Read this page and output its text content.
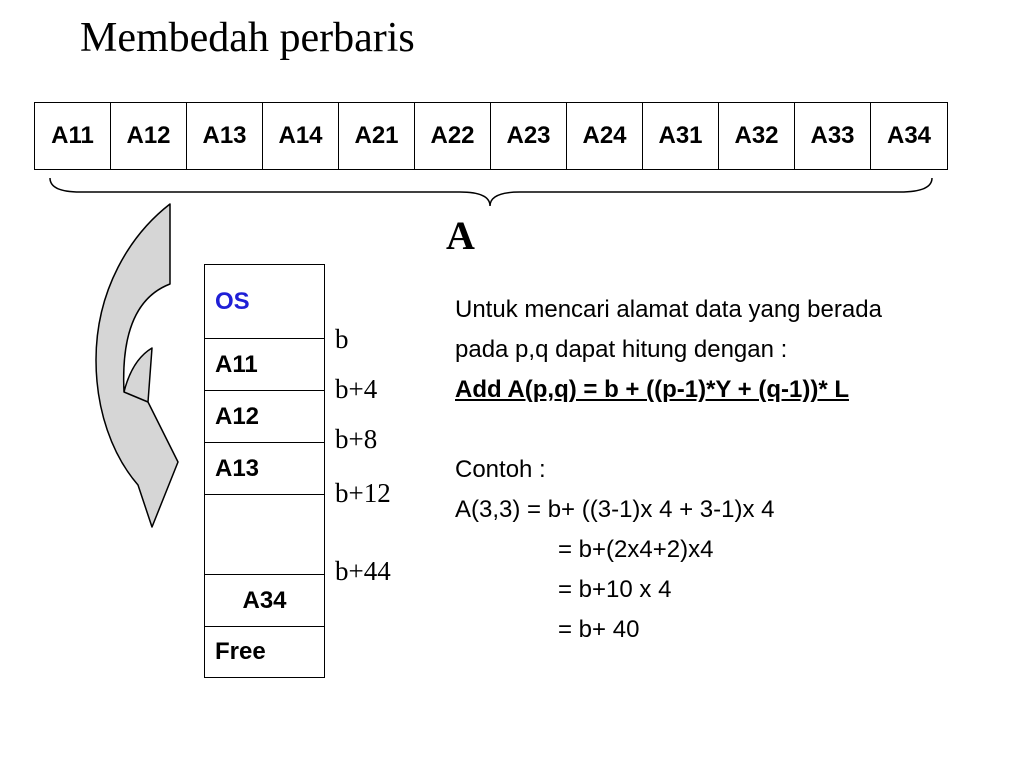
Membedah perbaris
A11	A12	A13	A14	A21	A22	A23	A24	A31	A32	A33	A34
A
OS
A11
A12
A13
A34
Free
b
b+4
b+8
b+12
b+44
Untuk mencari alamat data yang berada
pada p,q dapat hitung dengan :
Add A(p,q) = b + ((p-1)*Y + (q-1))* L
Contoh :
A(3,3) = b+ ((3-1)x 4 + 3-1)x 4
= b+(2x4+2)x4
= b+10 x 4
= b+ 40
